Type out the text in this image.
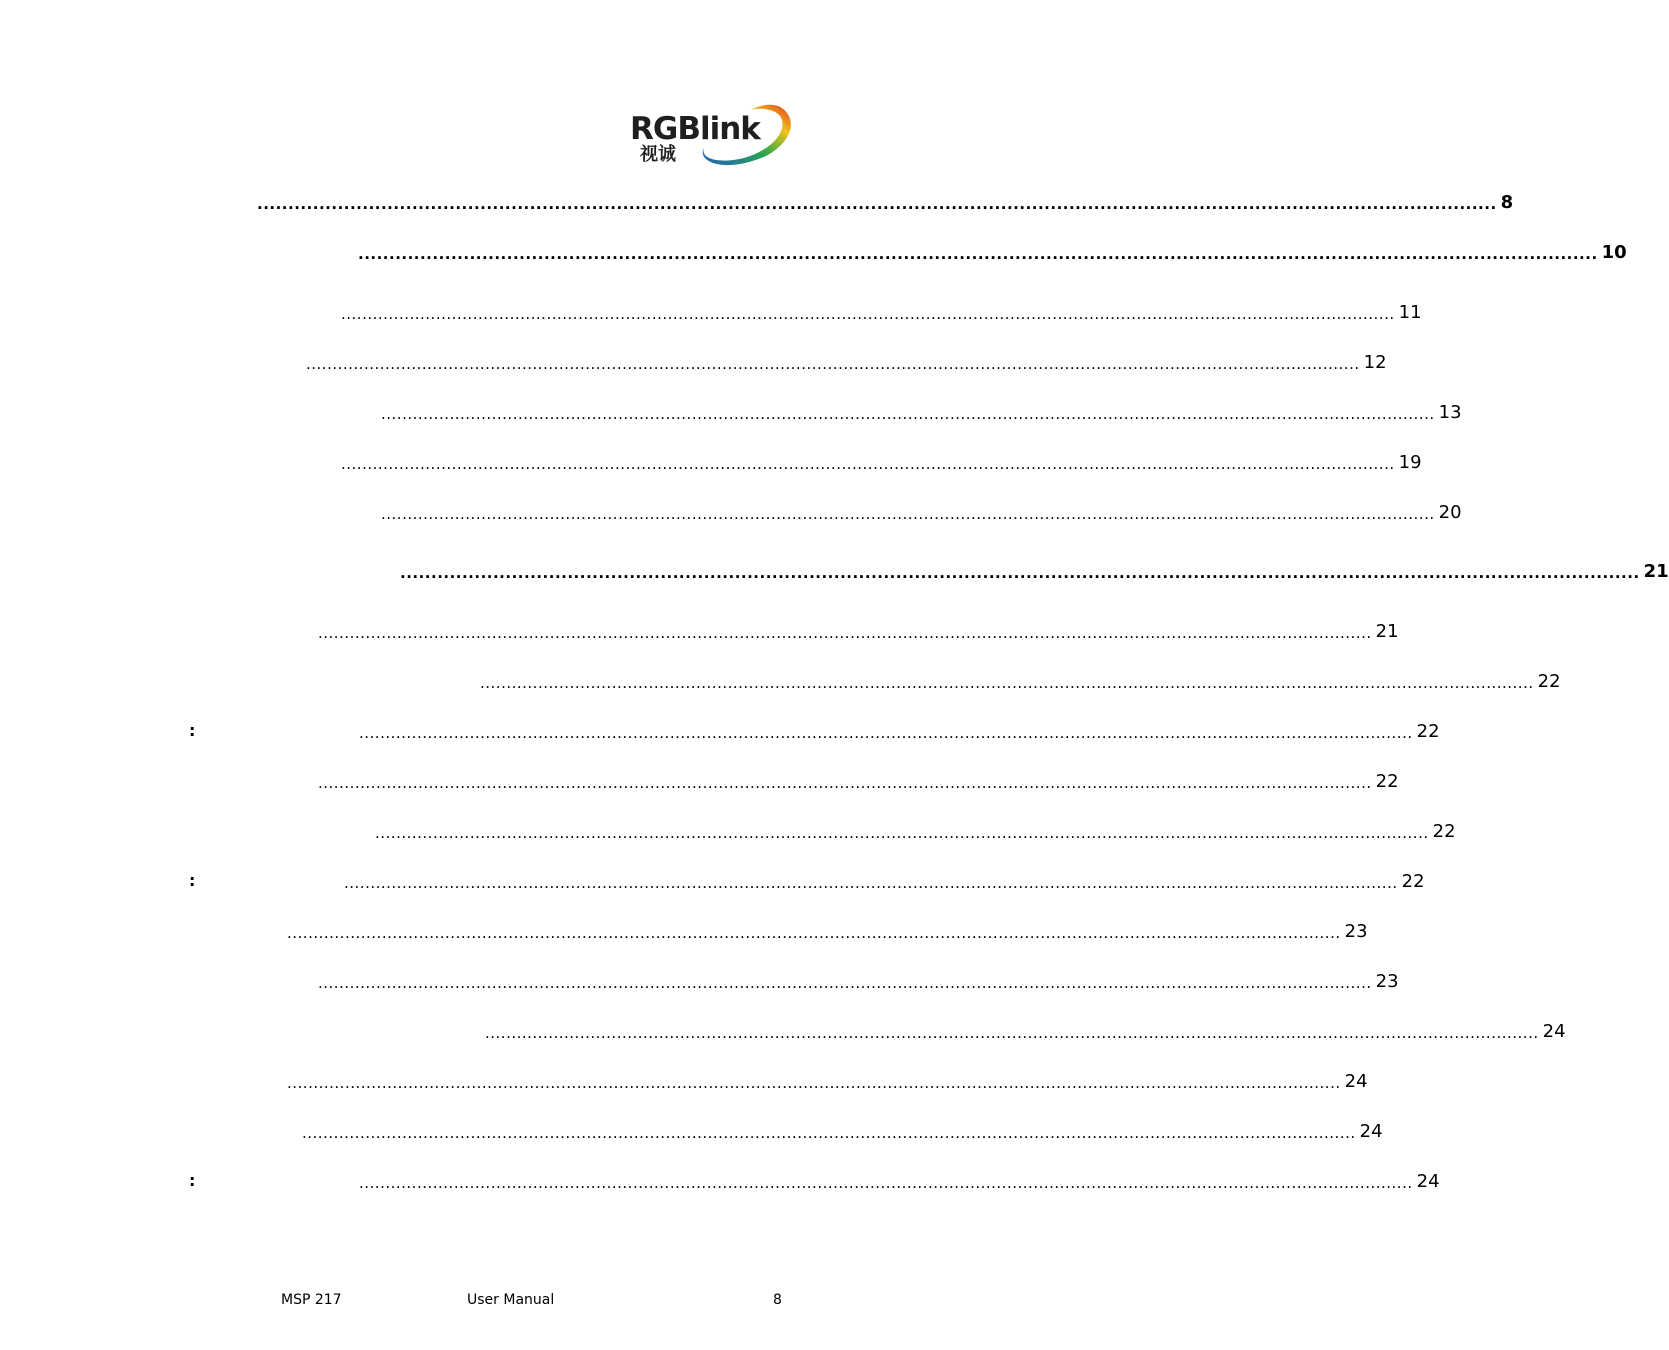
RGBlink
视诚
........................................................................................................................................................................................................ 8
........................................................................................................................................................................................................ 10
........................................................................................................................................................................................................ 11
........................................................................................................................................................................................................ 12
........................................................................................................................................................................................................ 13
........................................................................................................................................................................................................ 19
........................................................................................................................................................................................................ 20
........................................................................................................................................................................................................ 21
........................................................................................................................................................................................................ 21
........................................................................................................................................................................................................ 22
........................................................................................................................................................................................................ 22
:
........................................................................................................................................................................................................ 22
........................................................................................................................................................................................................ 22
........................................................................................................................................................................................................ 22
:
........................................................................................................................................................................................................ 23
........................................................................................................................................................................................................ 23
........................................................................................................................................................................................................ 24
........................................................................................................................................................................................................ 24
........................................................................................................................................................................................................ 24
........................................................................................................................................................................................................ 24
:
MSP 217	User Manual	8
